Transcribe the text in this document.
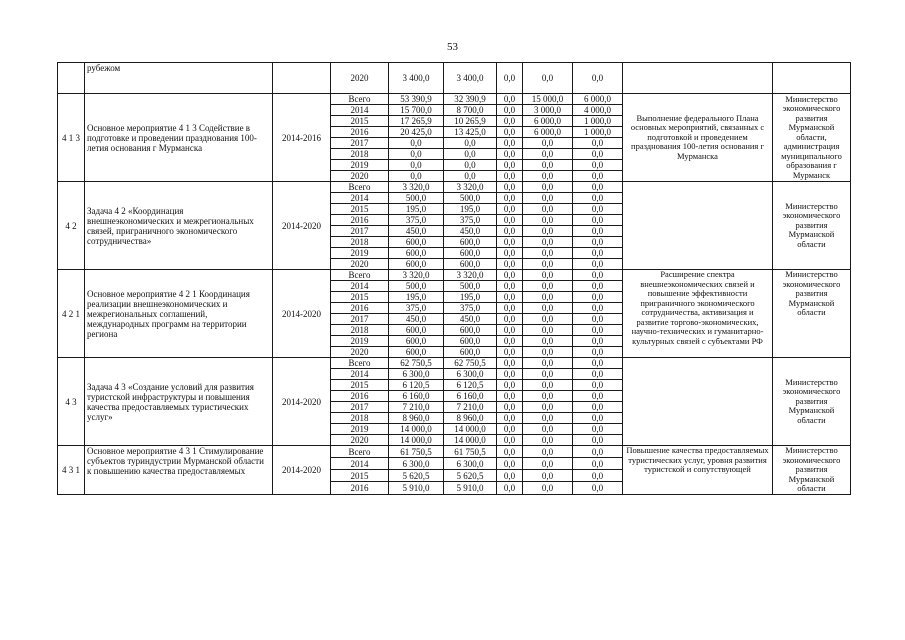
53
	рубежом		2020	3 400,0	3 400,0	0,0	0,0	0,0		
4 1 3	Основное мероприятие 4 1 3 Содействие в подготовке и проведении празднования 100-летия основания г Мурманска	2014-2016	Всего	53 390,9	32 390,9	0,0	15 000,0	6 000,0	Выполнение федерального Плана основных мероприятий, связанных с подготовкой и проведением празднования 100-летия основания г Мурманска	Министерство экономического развития Мурманской области, администрация муниципального образования г Мурманск
			2014	15 700,0	8 700,0	0,0	3 000,0	4 000,0		
			2015	17 265,9	10 265,9	0,0	6 000,0	1 000,0		
			2016	20 425,0	13 425,0	0,0	6 000,0	1 000,0		
			2017	0,0	0,0	0,0	0,0	0,0		
			2018	0,0	0,0	0,0	0,0	0,0		
			2019	0,0	0,0	0,0	0,0	0,0		
			2020	0,0	0,0	0,0	0,0	0,0		
4 2	Задача 4 2 «Координация внешнеэкономических и межрегиональных связей, приграничного экономического сотрудничества»	2014-2020	Всего	3 320,0	3 320,0	0,0	0,0	0,0		Министерство экономического развития Мурманской области
			2014	500,0	500,0	0,0	0,0	0,0		
			2015	195,0	195,0	0,0	0,0	0,0		
			2016	375,0	375,0	0,0	0,0	0,0		
			2017	450,0	450,0	0,0	0,0	0,0		
			2018	600,0	600,0	0,0	0,0	0,0		
			2019	600,0	600,0	0,0	0,0	0,0		
			2020	600,0	600,0	0,0	0,0	0,0		
4 2 1	Основное мероприятие 4 2 1 Координация реализации внешнеэкономических и межрегиональных соглашений, международных программ на территории региона	2014-2020	Всего	3 320,0	3 320,0	0,0	0,0	0,0	Расширение спектра внешнеэкономических связей и повышение эффективности приграничного экономического сотрудничества, активизация и развитие торгово-экономических, научно-технических и гуманитарно-культурных связей с субъектами РФ	Министерство экономического развития Мурманской области
			2014	500,0	500,0	0,0	0,0	0,0		
			2015	195,0	195,0	0,0	0,0	0,0		
			2016	375,0	375,0	0,0	0,0	0,0		
			2017	450,0	450,0	0,0	0,0	0,0		
			2018	600,0	600,0	0,0	0,0	0,0		
			2019	600,0	600,0	0,0	0,0	0,0		
			2020	600,0	600,0	0,0	0,0	0,0		
4 3	Задача 4 3 «Создание условий для развития туристской инфраструктуры и повышения качества предоставляемых туристических услуг»	2014-2020	Всего	62 750,5	62 750,5	0,0	0,0	0,0		Министерство экономического развития Мурманской области
			2014	6 300,0	6 300,0	0,0	0,0	0,0		
			2015	6 120,5	6 120,5	0,0	0,0	0,0		
			2016	6 160,0	6 160,0	0,0	0,0	0,0		
			2017	7 210,0	7 210,0	0,0	0,0	0,0		
			2018	8 960,0	8 960,0	0,0	0,0	0,0		
			2019	14 000,0	14 000,0	0,0	0,0	0,0		
			2020	14 000,0	14 000,0	0,0	0,0	0,0		
4 3 1	Основное мероприятие 4 3 1 Стимулирование субъектов туриндустрии Мурманской области к повышению качества предоставляемых	2014-2020	Всего	61 750,5	61 750,5	0,0	0,0	0,0	Повышение качества предоставляемых туристических услуг, уровня развития туристской и сопутствующей	Министерство экономического развития Мурманской области
			2014	6 300,0	6 300,0	0,0	0,0	0,0		
			2015	5 620,5	5 620,5	0,0	0,0	0,0		
			2016	5 910,0	5 910,0	0,0	0,0	0,0		
